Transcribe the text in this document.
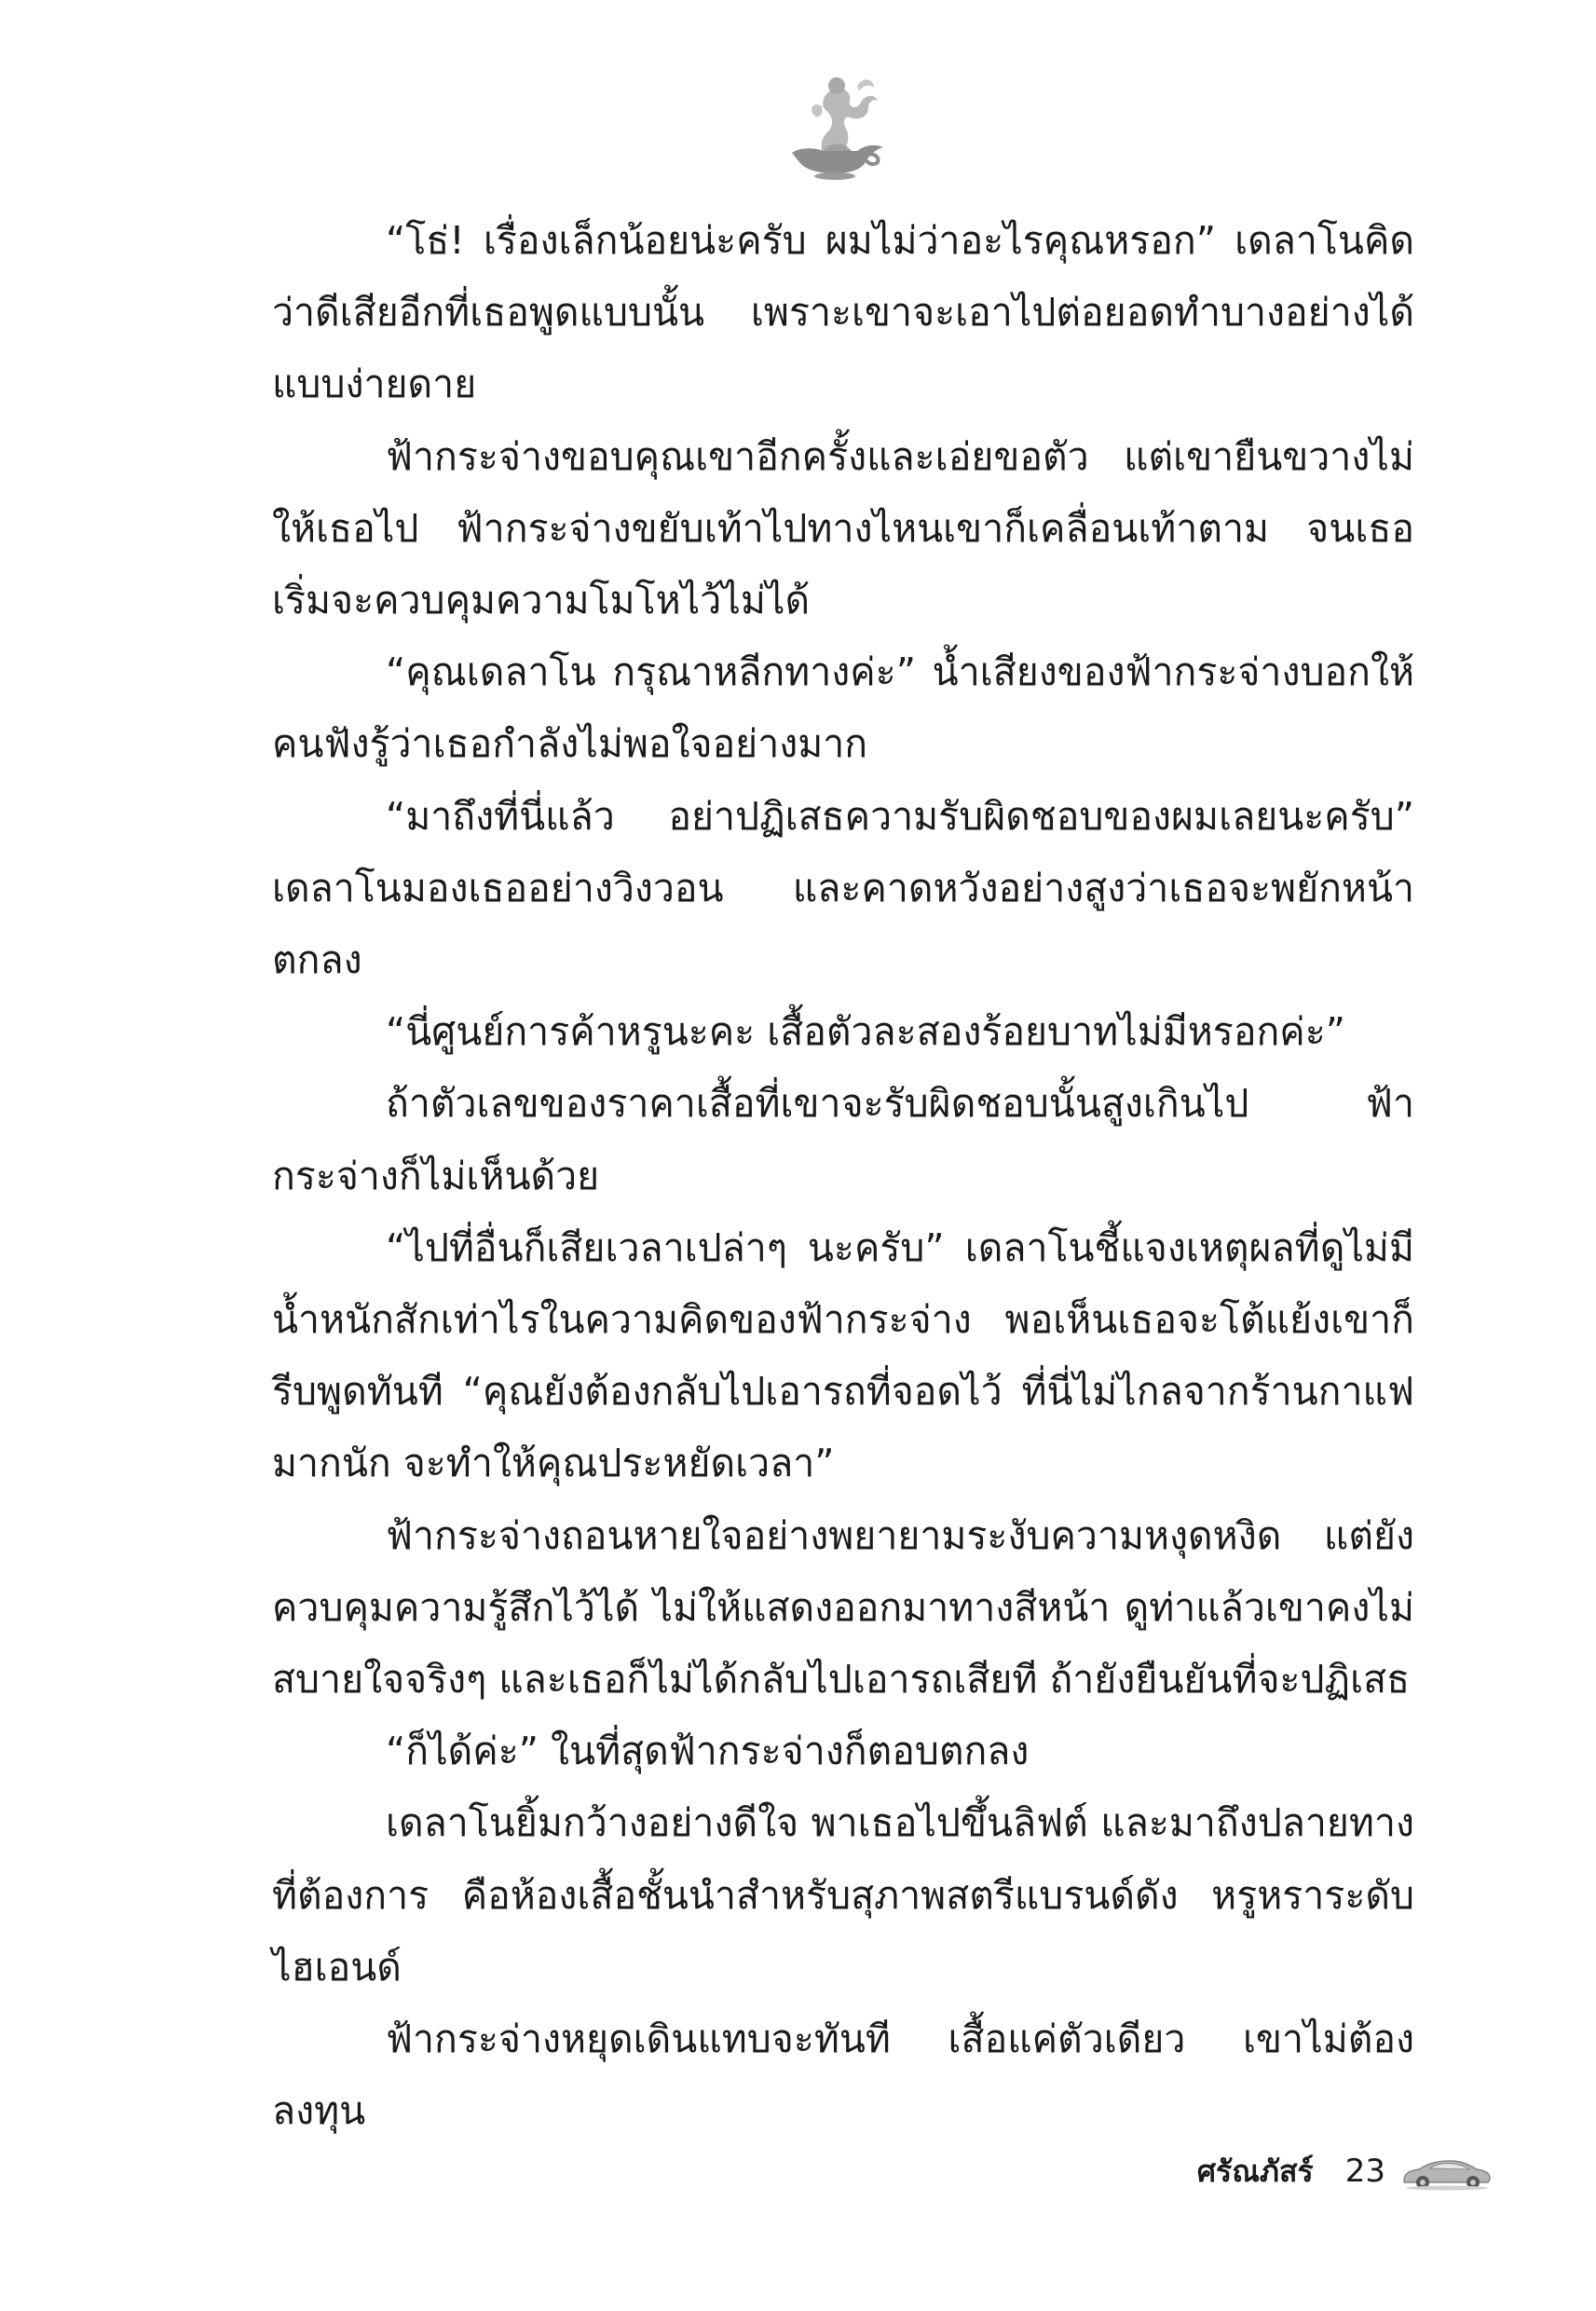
“โธ่! เรื่องเล็กน้อยน่ะครับ ผมไม่ว่าอะไรคุณหรอก” เดลาโนคิดว่าดีเสียอีกที่เธอพูดแบบนั้น เพราะเขาจะเอาไปต่อยอดทำบางอย่างได้แบบง่ายดาย

ฟ้ากระจ่างขอบคุณเขาอีกครั้งและเอ่ยขอตัว แต่เขายืนขวางไม่ให้เธอไป ฟ้ากระจ่างขยับเท้าไปทางไหนเขาก็เคลื่อนเท้าตาม จนเธอเริ่มจะควบคุมความโมโหไว้ไม่ได้

“คุณเดลาโน กรุณาหลีกทางค่ะ” น้ำเสียงของฟ้ากระจ่างบอกให้คนฟังรู้ว่าเธอกำลังไม่พอใจอย่างมาก

“มาถึงที่นี่แล้ว อย่าปฏิเสธความรับผิดชอบของผมเลยนะครับ” เดลาโนมองเธออย่างวิงวอน และคาดหวังอย่างสูงว่าเธอจะพยักหน้าตกลง

“นี่ศูนย์การค้าหรูนะคะ เสื้อตัวละสองร้อยบาทไม่มีหรอกค่ะ”

ถ้าตัวเลขของราคาเสื้อที่เขาจะรับผิดชอบนั้นสูงเกินไป ฟ้ากระจ่างก็ไม่เห็นด้วย

“ไปที่อื่นก็เสียเวลาเปล่าๆ นะครับ” เดลาโนชี้แจงเหตุผลที่ดูไม่มีน้ำหนักสักเท่าไรในความคิดของฟ้ากระจ่าง พอเห็นเธอจะโต้แย้งเขาก็รีบพูดทันที “คุณยังต้องกลับไปเอารถที่จอดไว้ ที่นี่ไม่ไกลจากร้านกาแฟมากนัก จะทำให้คุณประหยัดเวลา”

ฟ้ากระจ่างถอนหายใจอย่างพยายามระงับความหงุดหงิด แต่ยังควบคุมความรู้สึกไว้ได้ ไม่ให้แสดงออกมาทางสีหน้า ดูท่าแล้วเขาคงไม่สบายใจจริงๆ และเธอก็ไม่ได้กลับไปเอารถเสียที ถ้ายังยืนยันที่จะปฏิเสธ

“ก็ได้ค่ะ” ในที่สุดฟ้ากระจ่างก็ตอบตกลง

เดลาโนยิ้มกว้างอย่างดีใจ พาเธอไปขึ้นลิฟต์ และมาถึงปลายทางที่ต้องการ คือห้องเสื้อชั้นนำสำหรับสุภาพสตรีแบรนด์ดัง หรูหราระดับไฮเอนด์

ฟ้ากระจ่างหยุดเดินแทบจะทันที เสื้อแค่ตัวเดียว เขาไม่ต้องลงทุน

ศรัณภัสร์ 23
